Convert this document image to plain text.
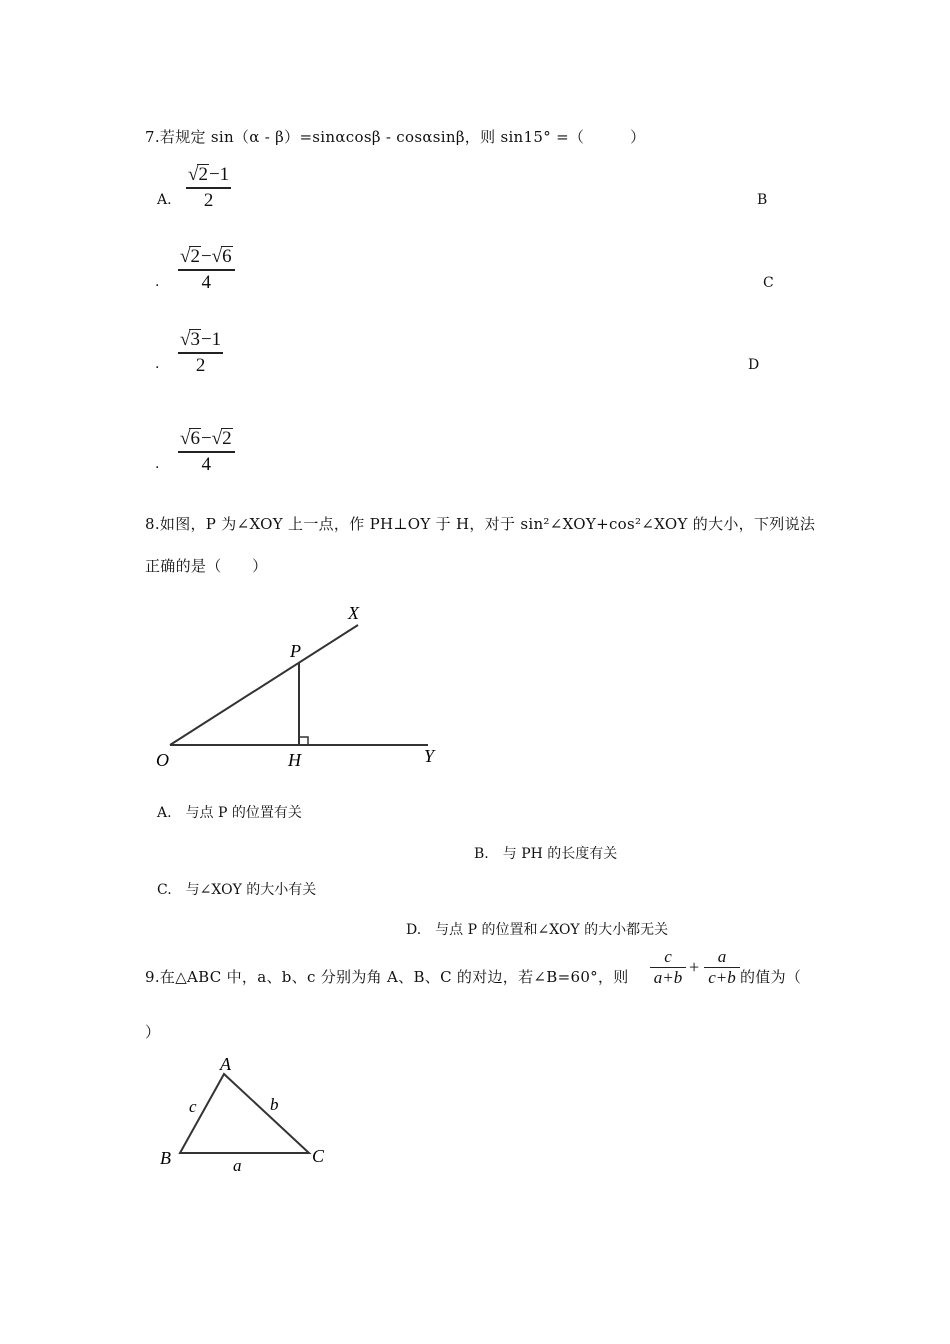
7.若规定 sin（α - β）=sinαcosβ - cosαsinβ，则 sin15° =（　　　）
A.
√2−1
2	B
.
√2−√6
4	C
.
√3−1
2	D
.
√6−√2
4
8.如图，P 为∠XOY 上一点，作 PH⊥OY 于 H，对于 sin²∠XOY+cos²∠XOY 的大小，下列说法
正确的是（　　）
X
P
O	H	Y
A.　与点 P 的位置有关
B.　与 PH 的长度有关
C.　与∠XOY 的大小有关
D.　与点 P 的位置和∠XOY 的大小都无关
9.在△ABC 中，a、b、c 分别为角 A、B、C 的对边，若∠B=60°，则
c
a+b
+
a
c+b 的值为（
）
A
B	C
a
b
c
